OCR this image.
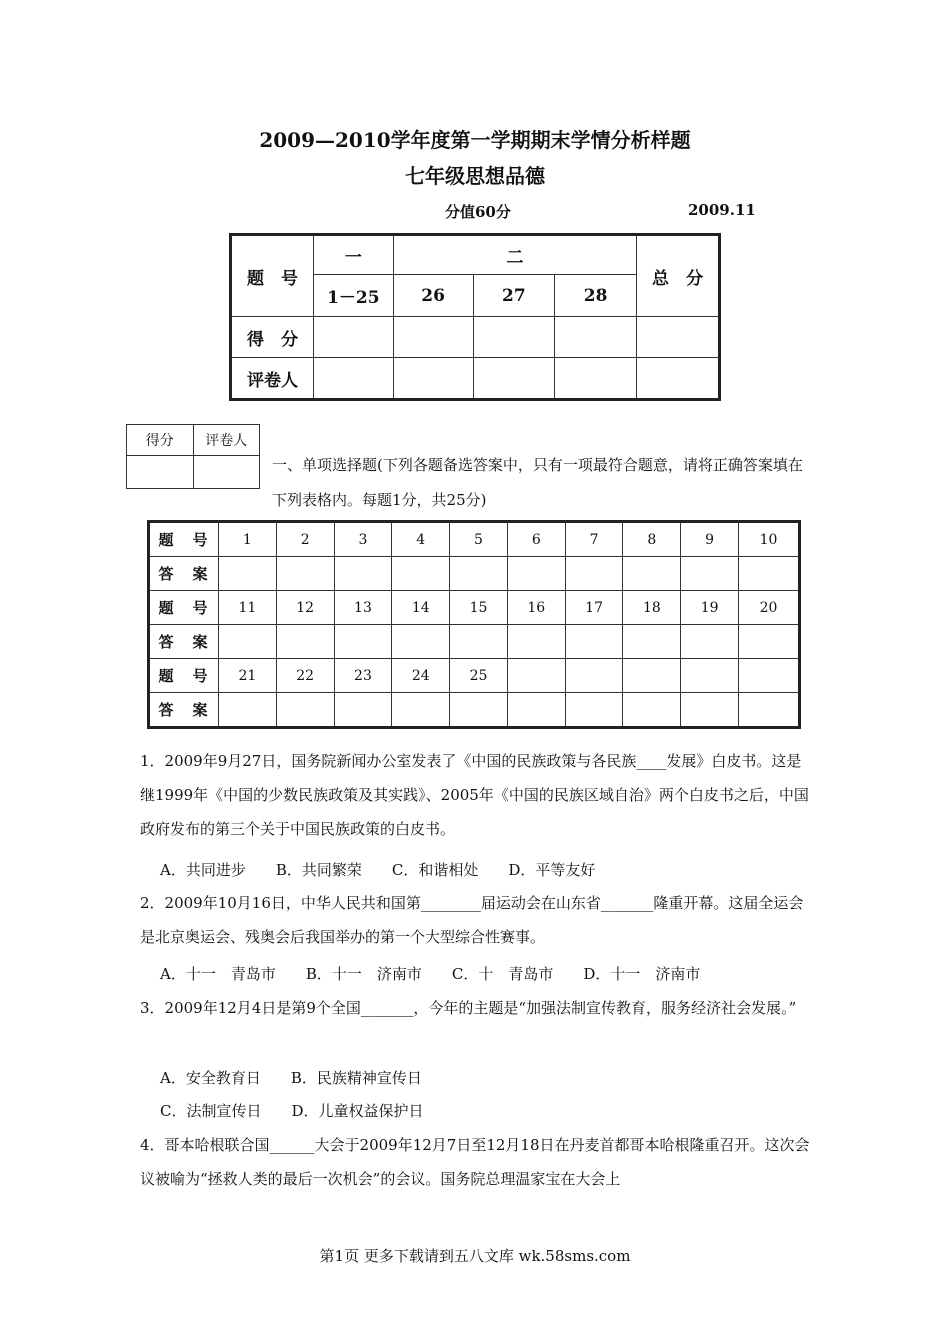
2009—2010学年度第一学期期末学情分析样题
七年级思想品德
分值60分	2009.11
题　号	一	二			总　分
	1－25	26	27	28	
得　分					
评卷人					
得分	评卷人

一、单项选择题(下列各题备选答案中，只有一项最符合题意，请将正确答案填在下列表格内。每题1分，共25分)
题　号	1	2	3	4	5	6	7	8	9	10
答　案										
题　号	11	12	13	14	15	16	17	18	19	20
答　案										
题　号	21	22	23	24	25					
答　案										
1．2009年9月27日，国务院新闻办公室发表了《中国的民族政策与各民族____发展》白皮书。这是继1999年《中国的少数民族政策及其实践》、2005年《中国的民族区域自治》两个白皮书之后，中国政府发布的第三个关于中国民族政策的白皮书。
A．共同进步　　B．共同繁荣　　C．和谐相处　　D．平等友好
2．2009年10月16日，中华人民共和国第________届运动会在山东省_______隆重开幕。这届全运会是北京奥运会、残奥会后我国举办的第一个大型综合性赛事。
A．十一　青岛市　　B．十一　济南市　　C．十　青岛市　　D．十一　济南市
3．2009年12月4日是第9个全国_______，今年的主题是“加强法制宣传教育，服务经济社会发展。”
A．安全教育日　　B．民族精神宣传日
C．法制宣传日　　D．儿童权益保护日
4．哥本哈根联合国______大会于2009年12月7日至12月18日在丹麦首都哥本哈根隆重召开。这次会议被喻为“拯救人类的最后一次机会”的会议。国务院总理温家宝在大会上
第1页 更多下载请到五八文库 wk.58sms.com
